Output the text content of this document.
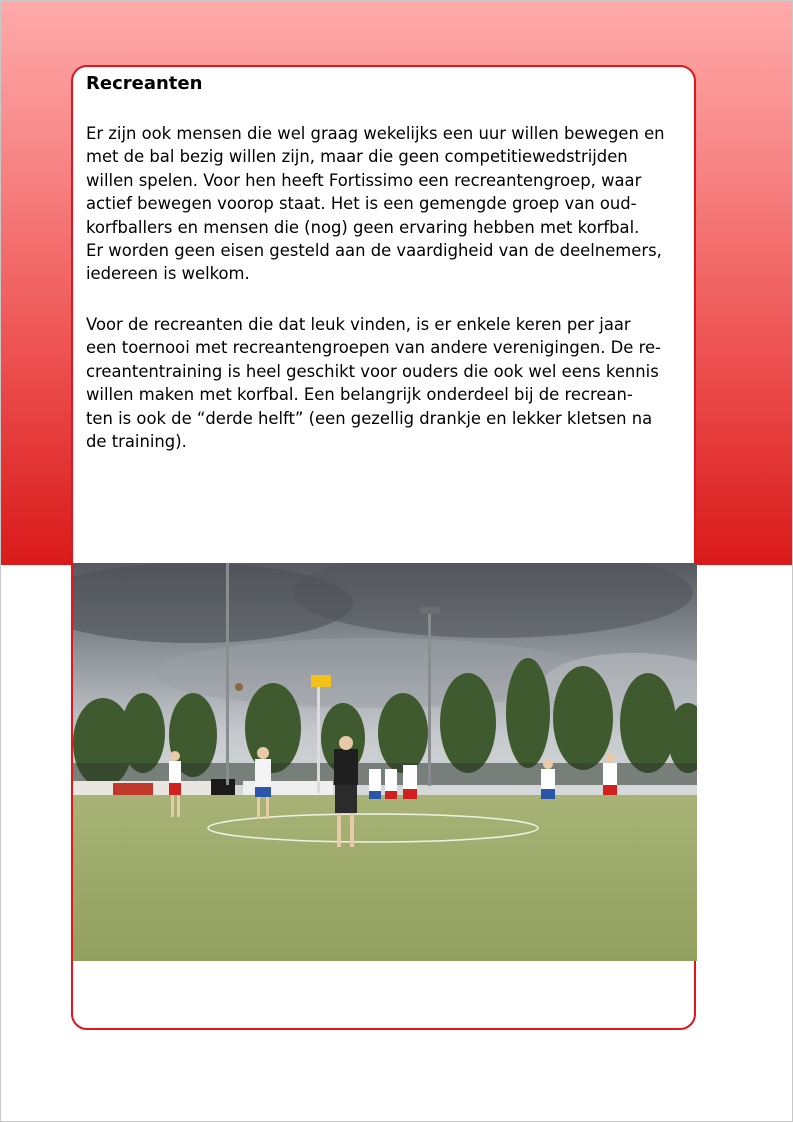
Recreanten

Er zijn ook mensen die wel graag wekelijks een uur willen bewegen en
met de bal bezig willen zijn, maar die geen competitiewedstrijden
willen spelen. Voor hen heeft Fortissimo een recreantengroep, waar
actief bewegen voorop staat. Het is een gemengde groep van oud-
korfballers en mensen die (nog) geen ervaring hebben met korfbal.
Er worden geen eisen gesteld aan de vaardigheid van de deelnemers,
iedereen is welkom.

Voor de recreanten die dat leuk vinden, is er enkele keren per jaar
een toernooi met recreantengroepen van andere verenigingen. De re-
creantentraining is heel geschikt voor ouders die ook wel eens kennis
willen maken met korfbal. Een belangrijk onderdeel bij de recrean-
ten is ook de “derde helft” (een gezellig drankje en lekker kletsen na
de training).
